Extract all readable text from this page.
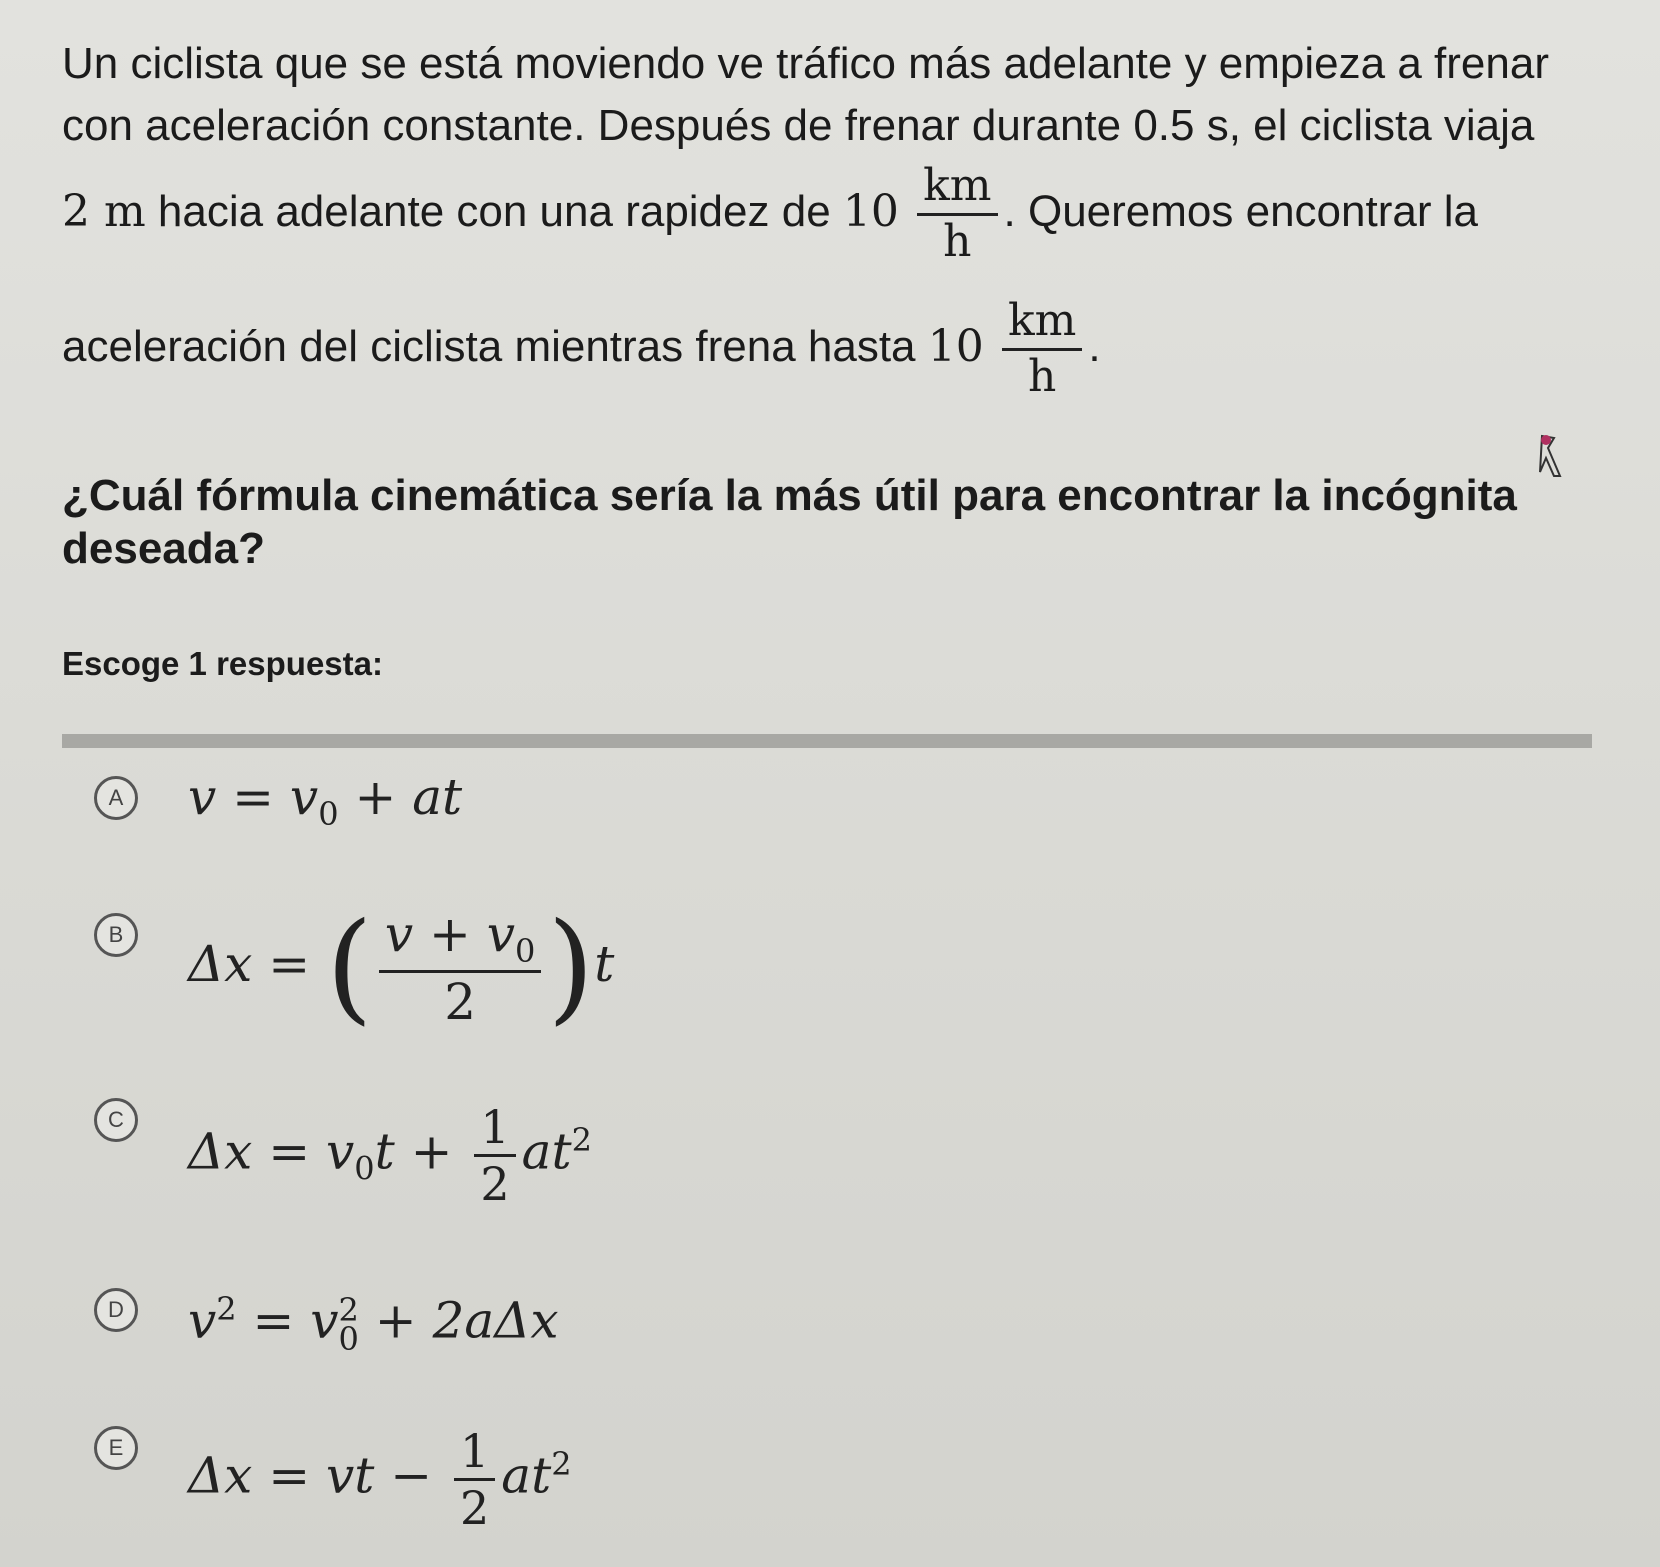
Un ciclista que se está moviendo ve tráfico más adelante y empieza a frenar
con aceleración constante. Después de frenar durante 0.5 s, el ciclista viaja
2 m hacia adelante con una rapidez de $10 \frac{km}{h}$ . Queremos encontrar la
aceleración del ciclista mientras frena hasta $10 \frac{km}{h}$ .
¿Cuál fórmula cinemática sería la más útil para encontrar la incógnita deseada?
Escoge 1 respuesta:
A $v = v_0$ + at
B
Δx = ( $\frac{v + v_0}{2} )t$
C
$\Delta x = v_0t + \frac{1}{2} at^2$
D $v^2 = v$ 2
0 + 2aΔx
E Δx = vt − $\frac{1}{2} at^2$
